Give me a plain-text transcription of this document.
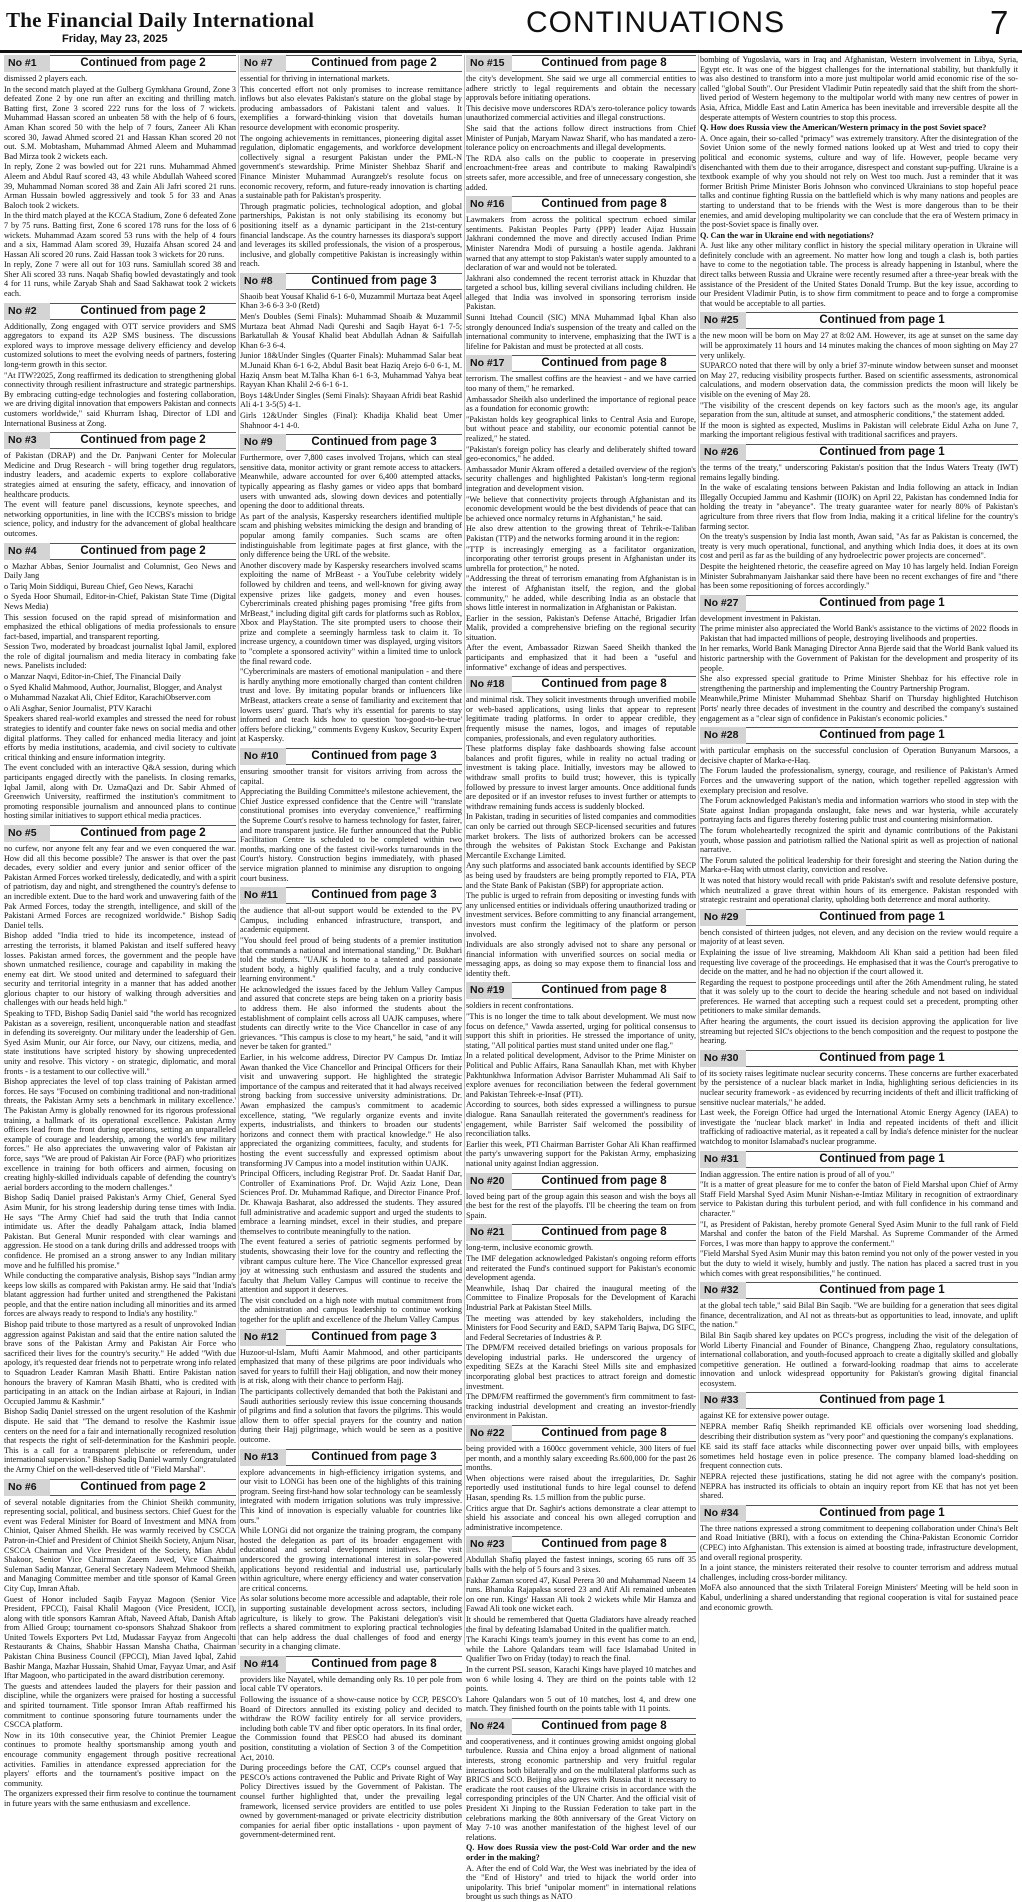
The Financial Daily International
Friday, May 23, 2025	CONTINUATIONS	7
No #1	Continued from page 2

dismissed 2 players each.

In the second match played at the Gulberg Gymkhana Ground, Zone 3 defeated Zone 2 by one run after an exciting and thrilling match. Batting first, Zone 3 scored 222 runs for the loss of 7 wickets. Muhammad Hassan scored an unbeaten 58 with the help of 6 fours, Aman Khan scored 50 with the help of 7 fours, Zaneer Ali Khan scored 30, Jawad Ahmed scored 21 and Hassan Khan scored 20 not out. S.M. Mobtasham, Muhammad Ahmed Aleem and Muhammad Bad Mirza took 2 wickets each.

In reply, Zone 2 was bowled out for 221 runs. Muhammad Ahmed Aleem and Abdul Rauf scored 43, 43 while Abdullah Waheed scored 39, Muhammad Noman scored 38 and Zain Ali Jafri scored 21 runs. Arman Hussain bowled aggressively and took 5 for 33 and Anas Baloch took 2 wickets.

In the third match played at the KCCA Stadium, Zone 6 defeated Zone 7 by 75 runs. Batting first, Zone 6 scored 178 runs for the loss of 6 wickets. Muhammad Azam scored 53 runs with the help of 4 fours and a six, Hammad Alam scored 39, Huzaifa Ahsan scored 24 and Hassan Ali scored 20 runs. Zaid Hassan took 3 wickets for 20 runs.

In reply, Zone 7 were all out for 103 runs. Samiullah scored 38 and Sher Ali scored 33 runs. Naqab Shafiq bowled devastatingly and took 4 for 11 runs, while Zaryab Shah and Saad Sakhawat took 2 wickets each.

No #2	Continued from page 2

Additionally, Zong engaged with OTT service providers and SMS aggregators to expand its A2P SMS business. The discussions explored ways to improve message delivery efficiency and develop customized solutions to meet the evolving needs of partners, fostering long-term growth in this sector.

"At ITW?2025, Zong reaffirmed its dedication to strengthening global connectivity through resilient infrastructure and strategic partnerships. By embracing cutting-edge technologies and fostering collaboration, we are driving digital innovation that empowers Pakistan and connects customers worldwide," said Khurram Ishaq, Director of LDI and International Business at Zong.

No #3	Continued from page 2

of Pakistan (DRAP) and the Dr. Panjwani Center for Molecular Medicine and Drug Research - will bring together drug regulators, industry leaders, and academic experts to explore collaborative strategies aimed at ensuring the safety, efficacy, and innovation of healthcare products.

The event will feature panel discussions, keynote speeches, and networking opportunities, in line with the ICCBS's mission to bridge science, policy, and industry for the advancement of global healthcare outcomes.

No #4	Continued from page 2

o Mazhar Abbas, Senior Journalist and Columnist, Geo News and Daily Jang

o Tariq Moin Siddiqui, Bureau Chief, Geo News, Karachi

o Syeda Hoor Shumail, Editor-in-Chief, Pakistan State Time (Digital News Media)

This session focused on the rapid spread of misinformation and emphasized the ethical obligations of media professionals to ensure fact-based, impartial, and transparent reporting.

Session Two, moderated by broadcast journalist Iqbal Jamil, explored the role of digital journalism and media literacy in combating fake news. Panelists included:

o Manzar Naqvi, Editor-in-Chief, The Financial Daily

o Syed Khalid Mahmood, Author, Journalist, Blogger, and Analyst

o Muhammad Nazakat Ali, Chief Editor, KarachiObserver.com

o Ali Asghar, Senior Journalist, PTV Karachi

Speakers shared real-world examples and stressed the need for robust strategies to identify and counter fake news on social media and other digital platforms. They called for enhanced media literacy and joint efforts by media institutions, academia, and civil society to cultivate critical thinking and ensure information integrity.

The event concluded with an interactive Q&A session, during which participants engaged directly with the panelists. In closing remarks, Iqbal Jamil, along with Dr. UzmaQazi and Dr. Sabir Ahmed of Greenwich University, reaffirmed the institution's commitment to promoting responsible journalism and announced plans to continue hosting similar initiatives to support ethical media practices.

No #5	Continued from page 2

no curfew, nor anyone felt any fear and we even conquered the war. How did all this become possible? The answer is that over the past decades, every soldier and every junior and senior officer of the Pakistan Armed Forces worked tirelessly, dedicatedly, and with a spirit of patriotism, day and night, and strengthened the country's defense to an incredible extent. Due to the hard work and unwavering faith of the Pak Armed Forces, today the strength, intelligence, and skill of the Pakistani Armed Forces are recognized worldwide." Bishop Sadiq Daniel tells.

Bishop added "India tried to hide its incompetence, instead of arresting the terrorists, it blamed Pakistan and itself suffered heavy losses. Pakistan armed forces, the government and the people have shown unmatched resilience, courage and capability in making the enemy eat dirt. We stood united and determined to safeguard their security and territorial integrity in a manner that has added another glorious chapter to our history of walking through adversities and challenges with our heads held high."

Speaking to TFD, Bishop Sadiq Daniel said "the world has recognized Pakistan as a sovereign, resilient, unconquerable nation and steadfast in defending its sovereignty. Our military under the leadership of Gen. Syed Asim Munir, our Air force, our Navy, our citizens, media, and state institutions have scripted history by showing unprecedented unity and resolve. This victory - on strategic, diplomatic, and moral fronts - is a testament to our collective will."

Bishop appreciates the level of top class training of Pakistan armed forces. He says "Focused on combining traditional and non-traditional threats, the Pakistan Army sets a benchmark in military excellence.' The Pakistan Army is globally renowned for its rigorous professional training, a hallmark of its operational excellence. Pakistan Army officers lead from the front during operations, setting an unparalleled example of courage and leadership, among the world's few military forces." He also appreciates the unwavering valor of Pakistan air force, says "We are proud of Pakistan Air Force (PAF) who prioritizes excellence in training for both officers and airmen, focusing on creating highly-skilled individuals capable of defending the country's aerial borders according to the modern challenges."

Bishop Sadiq Daniel praised Pakistan's Army Chief, General Syed Asim Munir, for his strong leadership during tense times with India. He says "The Army Chief had said the truth that India cannot intimidate us. After the deadly Pahalgam attack, India blamed Pakistan. But General Munir responded with clear warnings and aggression. He stood on a tank during drills and addressed troops with confidence. He promised an a strong answer to any Indian military move and he fulfilled his promise."

While conducting the comparative analysis, Bishop says "Indian army keeps low skills as compared with Pakistan army. He said that 'India's blatant aggression had further united and strengthened the Pakistani people, and that the entire nation including all minorities and its armed forces are always ready to respond to India's any hostility."

Bishop paid tribute to those martyred as a result of unprovoked Indian aggression against Pakistan and said that the entire nation saluted the brave sons of the Pakistan Army and Pakistan Air Force who sacrificed their lives for the country's security." He added "With due apology, it's requested dear friends not to perpetrate wrong info related to Squadron Leader Kamran Masih Bhatti. Entire Pakistan nation honours the bravery of Kamran Masih Bhatti, who is credited with participating in an attack on the Indian airbase at Rajouri, in Indian Occupied Jammu & Kashmir."

Bishop Sadiq Daniel stressed on the urgent resolution of the Kashmir dispute. He said that "The demand to resolve the Kashmir issue centers on the need for a fair and internationally recognized resolution that respects the right of self-determination for the Kashmiri people. This is a call for a transparent plebiscite or referendum, under international supervision." Bishop Sadiq Daniel warmly Congratulated the Army Chief on the well-deserved title of "Field Marshal".

No #6	Continued from page 2

of several notable dignitaries from the Chiniot Sheikh community, representing social, political, and business sectors. Chief Guest for the event was Federal Minister for Board of Investment and MNA from Chiniot, Qaiser Ahmed Sheikh. He was warmly received by CSCCA Patron-in-Chief and President of Chiniot Sheikh Society, Anjum Nisar, CSCCA Chairman and Vice President of the Society, Mian Abdul Shakoor, Senior Vice Chairman Zaeem Javed, Vice Chairman Suleman Sadiq Manzar, General Secretary Nadeem Mehmood Sheikh, and Managing Committee member and title sponsor of Kamal Green City Cup, Imran Aftab.

Guest of Honor included Saqib Fayyaz Magoon (Senior Vice President, FPCCI), Faisal Khalil Magoon (Vice President, ICCI), along with title sponsors Kamran Aftab, Naveed Aftab, Danish Aftab from Allied Group; tournament co-sponsors Shahzad Shakoor from United Towels Exporters Pvt Ltd, Mudassar Fayyaz from Angecolti Restaurants & Chains, Shabbir Hassan Mansha Chatha, Chairman Pakistan China Business Council (FPCCI), Mian Javed Iqbal, Zahid Bashir Manga, Mazhar Hussain, Shahid Umar, Fayyaz Umar, and Asif Iftar Magoon, who participated in the award distribution ceremony.

The guests and attendees lauded the players for their passion and discipline, while the organizers were praised for hosting a successful and spirited tournament. Title sponsor Imran Aftab reaffirmed his commitment to continue sponsoring future tournaments under the CSCCA platform.

Now in its 10th consecutive year, the Chiniot Premier League continues to promote healthy sportsmanship among youth and encourage community engagement through positive recreational activities. Families in attendance expressed appreciation for the players' efforts and the tournament's positive impact on the community.

The organizers expressed their firm resolve to continue the tournament in future years with the same enthusiasm and excellence.

No #7	Continued from page 2

essential for thriving in international markets.

This concerted effort not only promises to increase remittance inflows but also elevates Pakistan's stature on the global stage by producing ambassadors of Pakistani talent and values. It exemplifies a forward-thinking vision that dovetails human resource development with economic prosperity.

The ongoing achievements in remittances, pioneering digital asset regulation, diplomatic engagements, and workforce development collectively signal a resurgent Pakistan under the PML-N government's stewardship. Prime Minister Shehbaz Sharif and Finance Minister Muhammad Aurangzeb's resolute focus on economic recovery, reform, and future-ready innovation is charting a sustainable path for Pakistan's prosperity.

Through pragmatic policies, technological adoption, and global partnerships, Pakistan is not only stabilising its economy but positioning itself as a dynamic participant in the 21st-century financial landscape. As the country harnesses its diaspora's support and leverages its skilled professionals, the vision of a prosperous, inclusive, and globally competitive Pakistan is increasingly within reach.

No #8	Continued from page 3

Shaoib beat Yousaf Khalid 6-1 6-0, Muzammil Murtaza beat Aqeel Khan 3-6 6-3 3-0 (Retd)

Men's Doubles (Semi Finals): Muhammad Shoaib & Muzammil Murtaza beat Ahmad Nadi Qureshi and Saqib Hayat 6-1 7-5; Barkatullah & Yousaf Khalid beat Abdullah Adnan & Saifullah Khan 6-3 6-4.

Junior 18&Under Singles (Quarter Finals): Muhammad Salar beat M.Junaid Khan 6-1 6-2, Abdul Basit beat Haziq Arejo 6-0 6-1, M. Haziq Ansm beat M.Talha Khan 6-1 6-3, Muhammad Yahya beat Rayyan Khan Khalil 2-6 6-1 6-1.

Boys 14&Under Singles (Semi Finals): Shayaan Afridi beat Rashid Ali 4-1 3-5(5) 4-1.

Girls 12&Under Singles (Final): Khadija Khalid beat Umer Shahnoor 4-1 4-0.

No #9	Continued from page 3

Furthermore, over 7,800 cases involved Trojans, which can steal sensitive data, monitor activity or grant remote access to attackers. Meanwhile, adware accounted for over 6,400 attempted attacks, typically appearing as flashy games or video apps that bombard users with unwanted ads, slowing down devices and potentially opening the door to additional threats.

As part of the analysis, Kaspersky researchers identified multiple scam and phishing websites mimicking the design and branding of popular among family companies. Such scams are often indistinguishable from legitimate pages at first glance, with the only difference being the URL of the website.

Another discovery made by Kaspersky researchers involved scams exploiting the name of MrBeast - a YouTube celebrity widely followed by children and teens, and well-known for giving away expensive prizes like gadgets, money and even houses. Cybercriminals created phishing pages promising "free gifts from MrBeast," including digital gift cards for platforms such as Roblox, Xbox and PlayStation. The site prompted users to choose their prize and complete a seemingly harmless task to claim it. To increase urgency, a countdown timer was displayed, urging visitors to "complete a sponsored activity" within a limited time to unlock the final reward code.

"Cybercriminals are masters of emotional manipulation - and there is hardly anything more emotionally charged than content children trust and love. By imitating popular brands or influencers like MrBeast, attackers create a sense of familiarity and excitement that lowers users' guard. That's why it's essential for parents to stay informed and teach kids how to question 'too-good-to-be-true' offers before clicking," comments Evgeny Kuskov, Security Expert at Kaspersky.

No #10	Continued from page 3

ensuring smoother transit for visitors arriving from across the capital.

Appreciating the Building Committee's milestone achievement, the Chief Justice expressed confidence that the Centre will "translate constitutional promises into everyday convenience," reaffirming the Supreme Court's resolve to harness technology for faster, fairer, and more transparent justice. He further announced that the Public Facilitation Centre is scheduled to be completed within two months, marking one of the fastest civil-works turnarounds in the Court's history. Construction begins immediately, with phased service migration planned to minimise any disruption to ongoing court business.

No #11	Continued from page 3

the audience that all-out support would be extended to the PV Campus, including enhanced infrastructure, transport, and academic equipment.

"You should feel proud of being students of a premier institution that commands a national and international standing," Dr. Bukhari told the students. "UAJK is home to a talented and passionate student body, a highly qualified faculty, and a truly conducive learning environment."

He acknowledged the issues faced by the Jehlum Valley Campus and assured that concrete steps are being taken on a priority basis to address them. He also informed the students about the establishment of complaint cells across all UAJK campuses, where students can directly write to the Vice Chancellor in case of any grievances. "This campus is close to my heart," he said, "and it will never be taken for granted."

Earlier, in his welcome address, Director PV Campus Dr. Imtiaz Awan thanked the Vice Chancellor and Principal Officers for their visit and unwavering support. He highlighted the strategic importance of the campus and reiterated that it had always received strong backing from successive university administrations. Dr. Awan emphasized the campus's commitment to academic excellence, stating, "We regularly organize events and invite experts, industrialists, and thinkers to broaden our students' horizons and connect them with practical knowledge." He also appreciated the organizing committees, faculty, and students for hosting the event successfully and expressed optimism about transforming JV Campus into a model institution within UAJK.

Principal Officers, including Registrar Prof. Dr. Saadat Hanif Dar, Controller of Examinations Prof. Dr. Wajid Aziz Lone, Dean Sciences Prof. Dr. Muhammad Rafique, and Director Finance Prof. Dr. Khawaja Basharat, also addressed the students. They assured full administrative and academic support and urged the students to embrace a learning mindset, excel in their studies, and prepare themselves to contribute meaningfully to the nation.

The event featured a series of patriotic segments performed by students, showcasing their love for the country and reflecting the vibrant campus culture here. The Vice Chancellor expressed great joy at witnessing such enthusiasm and assured the students and faculty that Jhelum Valley Campus will continue to receive the attention and support it deserves.

The visit concluded on a high note with mutual commitment from the administration and campus leadership to continue working together for the uplift and excellence of the Jhelum Valley Campus

No #12	Continued from page 3

Huzoor-ul-Islam, Mufti Aamir Mahmood, and other participants emphasized that many of these pilgrims are poor individuals who saved for years to fulfill their Hajj obligation, and now their money is at risk, along with their chance to perform Hajj.

The participants collectively demanded that both the Pakistani and Saudi authorities seriously review this issue concerning thousands of pilgrims and find a solution that favors the pilgrims. This would allow them to offer special prayers for the country and nation during their Hajj pilgrimage, which would be seen as a positive outcome.

No #13	Continued from page 3

explore advancements in high-efficiency irrigation systems, and our visit to LONGi has been one of the highlights of this training program. Seeing first-hand how solar technology can be seamlessly integrated with modern irrigation solutions was truly impressive. This kind of innovation is especially valuable for countries like ours."

While LONGi did not organize the training program, the company hosted the delegation as part of its broader engagement with educational and sectoral development initiatives. The visit underscored the growing international interest in solar-powered applications beyond residential and industrial use, particularly within agriculture, where energy efficiency and water conservation are critical concerns.

As solar solutions become more accessible and adaptable, their role in supporting sustainable development across sectors, including agriculture, is likely to grow. The Pakistani delegation's visit reflects a shared commitment to exploring practical technologies that can help address the dual challenges of food and energy security in a changing climate.

No #14	Continued from page 8

providers like Nayatel, while demanding only Rs. 10 per pole from local cable TV operators.

Following the issuance of a show-cause notice by CCP, PESCO's Board of Directors annulled its existing policy and decided to withdraw the ROW facility entirely for all service providers, including both cable TV and fiber optic operators. In its final order, the Commission found that PESCO had abused its dominant position, constituting a violation of Section 3 of the Competition Act, 2010.

During proceedings before the CAT, CCP's counsel argued that PESCO's actions contravened the Public and Private Right of Way Policy Directives issued by the Government of Pakistan. The counsel further highlighted that, under the prevailing legal framework, licensed service providers are entitled to use poles owned by government-managed or private electricity distribution companies for aerial fiber optic installations - upon payment of government-determined rent.

No #15	Continued from page 8

the city's development. She said we urge all commercial entities to adhere strictly to legal requirements and obtain the necessary approvals before initiating operations.

This decisive move underscores RDA's zero-tolerance policy towards unauthorized commercial activities and illegal constructions.

She said that the actions follow direct instructions from Chief Minister of Punjab, Maryam Nawaz Sharif, who has mandated a zero-tolerance policy on encroachments and illegal developments.

The RDA also calls on the public to cooperate in preserving encroachment-free areas and contribute to making Rawalpindi's streets safer, more accessible, and free of unnecessary congestion, she added.

No #16	Continued from page 8

Lawmakers from across the political spectrum echoed similar sentiments. Pakistan Peoples Party (PPP) leader Aijaz Hussain Jakhrani condemned the move and directly accused Indian Prime Minister Narendra Modi of pursuing a hostile agenda. Jakhrani warned that any attempt to stop Pakistan's water supply amounted to a declaration of war and would not be tolerated.

Jakhrani also condemned the recent terrorist attack in Khuzdar that targeted a school bus, killing several civilians including children. He alleged that India was involved in sponsoring terrorism inside Pakistan.

Sunni Ittehad Council (SIC) MNA Muhammad Iqbal Khan also strongly denounced India's suspension of the treaty and called on the international community to intervene, emphasizing that the IWT is a lifeline for Pakistan and must be protected at all costs.

No #17	Continued from page 8

terrorism. The smallest coffins are the heaviest - and we have carried too many of them," he remarked.

Ambassador Sheikh also underlined the importance of regional peace as a foundation for economic growth:

"Pakistan holds key geographical links to Central Asia and Europe, but without peace and stability, our economic potential cannot be realized," he stated.

"Pakistan's foreign policy has clearly and deliberately shifted toward geo-economics," he added.

Ambassador Munir Akram offered a detailed overview of the region's security challenges and highlighted Pakistan's long-term regional integration and development vision.

"We believe that connectivity projects through Afghanistan and its economic development would be the best dividends of peace that can be achieved once normalcy returns in Afghanistan," he said.

He also drew attention to the growing threat of Tehrik-e-Taliban Pakistan (TTP) and the networks forming around it in the region:

"TTP is increasingly emerging as a facilitator organization, incorporating other terrorist groups present in Afghanistan under its umbrella for protection," he noted.

"Addressing the threat of terrorism emanating from Afghanistan is in the interest of Afghanistan itself, the region, and the global community," he added, while describing India as an obstacle that shows little interest in normalization in Afghanistan or Pakistan.

Earlier in the session, Pakistan's Defense Attaché, Brigadier Irfan Malik, provided a comprehensive briefing on the regional security situation.

After the event, Ambassador Rizwan Saeed Sheikh thanked the participants and emphasized that it had been a "useful and informative" exchange of ideas and perspectives.

No #18	Continued from page 8

and minimal risk. They solicit investments through unverified mobile or web-based applications, using links that appear to represent legitimate trading platforms. In order to appear credible, they frequently misuse the names, logos, and images of reputable companies, professionals, and even regulatory authorities.

These platforms display fake dashboards showing false account balances and profit figures, while in reality no actual trading or investment is taking place. Initially, investors may be allowed to withdraw small profits to build trust; however, this is typically followed by pressure to invest larger amounts. Once additional funds are deposited or if an investor refuses to invest further or attempts to withdraw remaining funds access is suddenly blocked.

In Pakistan, trading in securities of listed companies and commodities can only be carried out through SECP-licensed securities and futures market brokers. The lists of authorized brokers can be accessed through the websites of Pakistan Stock Exchange and Pakistan Mercantile Exchange Limited.

Any such platforms and associated bank accounts identified by SECP as being used by fraudsters are being promptly reported to FIA, PTA and the State Bank of Pakistan (SBP) for appropriate action.

The public is urged to refrain from depositing or investing funds with any unlicensed entities or individuals offering unauthorized trading or investment services. Before committing to any financial arrangement, investors must confirm the legitimacy of the platform or person involved.

Individuals are also strongly advised not to share any personal or financial information with unverified sources on social media or messaging apps, as doing so may expose them to financial loss and identity theft.

No #19	Continued from page 8

soldiers in recent confrontations.

"This is no longer the time to talk about development. We must now focus on defence," Vawda asserted, urging for political consensus to support this shift in priorities. He stressed the importance of unity, stating, "All political parties must stand united under one flag."

In a related political development, Advisor to the Prime Minister on Political and Public Affairs, Rana Sanaullah Khan, met with Khyber Pakhtunkhwa Information Advisor Barrister Muhammad Ali Saif to explore avenues for reconciliation between the federal government and Pakistan Tehreek-e-Insaf (PTI).

According to sources, both sides expressed a willingness to pursue dialogue. Rana Sanaullah reiterated the government's readiness for engagement, while Barrister Saif welcomed the possibility of reconciliation talks.

Earlier this week, PTI Chairman Barrister Gohar Ali Khan reaffirmed the party's unwavering support for the Pakistan Army, emphasizing national unity against Indian aggression.

No #20	Continued from page 8

loved being part of the group again this season and wish the boys all the best for the rest of the playoffs. I'll be cheering the team on from Spain.

No #21	Continued from page 8

long-term, inclusive economic growth.

The IMF delegation acknowledged Pakistan's ongoing reform efforts and reiterated the Fund's continued support for Pakistan's economic development agenda.

Meanwhile, Ishaq Dar chaired the inaugural meeting of the Committee to Finalize Proposals for the Development of Karachi Industrial Park at Pakistan Steel Mills.

The meeting was attended by key stakeholders, including the Ministers for Food Security and E&D, SAPM Tariq Bajwa, DG SIFC, and Federal Secretaries of Industries & P.

The DPM/FM received detailed briefings on various proposals for developing industrial parks. He underscored the urgency of expediting SEZs at the Karachi Steel Mills site and emphasized incorporating global best practices to attract foreign and domestic investment.

The DPM/FM reaffirmed the government's firm commitment to fast-tracking industrial development and creating an investor-friendly environment in Pakistan.

No #22	Continued from page 8

being provided with a 1600cc government vehicle, 300 liters of fuel per month, and a monthly salary exceeding Rs.600,000 for the past 26 months.

When objections were raised about the irregularities, Dr. Saghir reportedly used institutional funds to hire legal counsel to defend Hasan, spending Rs. 1.5 million from the public purse.

Critics argue that Dr. Saghir's actions demonstrate a clear attempt to shield his associate and conceal his own alleged corruption and administrative incompetence.

No #23	Continued from page 8

Abdullah Shafiq played the fastest innings, scoring 65 runs off 35 balls with the help of 5 fours and 3 sixes.

Fakhar Zaman scored 47, Kusal Perera 30 and Muhammad Naeem 14 runs. Bhanuka Rajapaksa scored 23 and Atif Ali remained unbeaten on one run. Kings' Hassan Ali took 2 wickets while Mir Hamza and Fawad Ali took one wicket each.

It should be remembered that Quetta Gladiators have already reached the final by defeating Islamabad United in the qualifier match.

The Karachi Kings team's journey in this event has come to an end, while the Lahore Qalandars team will face Islamabad United in Qualifier Two on Friday (today) to reach the final.

In the current PSL season, Karachi Kings have played 10 matches and won 6 while losing 4. They are third on the points table with 12 points.

Lahore Qalandars won 5 out of 10 matches, lost 4, and drew one match. They finished fourth on the points table with 11 points.

No #24	Continued from page 8

and cooperativeness, and it continues growing amidst ongoing global turbulence. Russia and China enjoy a broad alignment of national interests, strong economic partnership and very fruitful regular interactions both bilaterally and on the multilateral platforms such as BRICS and SCO. Beijing also agrees with Russia that it necessary to eradicate the root causes of the Ukraine crisis in accordance with the corresponding principles of the UN Charter. And the official visit of President Xi Jinping to the Russian Federation to take part in the celebrations marking the 80th anniversary of the Great Victory on May 7-10 was another manifestation of the highest level of our relations.

Q. How does Russia view the post-Cold War order and the new order in the making?

A. After the end of Cold War, the West was inebriated by the idea of the "End of History" and tried to hijack the world order into unipolarity. This brief "unipolar moment" in international relations brought us such things as NATO

bombing of Yugoslavia, wars in Iraq and Afghanistan, Western involvement in Libya, Syria, Egypt etc. It was one of the biggest challenges for the international stability, but thankfully it was also destined to transform into a more just multipolar world amid economic rise of the so-called "global South". Our President Vladimir Putin repeatedly said that the shift from the short-lived period of Western hegemony to the multipolar world with many new centres of power in Asia, Africa, Middle East and Latin America has been inevitable and irreversible despite all the desperate attempts of Western countries to stop this process.

Q. How does Russia view the American/Western primacy in the post Soviet space?

A. Once again, their so-called "primacy" was extremely transitory. After the disintegration of the Soviet Union some of the newly formed nations looked up at West and tried to copy their political and economic systems, culture and way of life. However, people became very disenchanted with them due to their arrogance, disrespect and constant sup-puffing. Ukraine is a textbook example of why you should not rely on West too much. Just a reminder that it was former British Prime Minister Boris Johnson who convinced Ukrainians to stop hopeful peace talks and continue fighting Russia on the battlefield which is why many nations and peoples are starting to understand that to be friends with the West is more dangerous than to be their enemies, and amid developing multipolarity we can conclude that the era of Western primacy in the post-Soviet space is finally over.

Q. Can the war in Ukraine end with negotiations?

A. Just like any other military conflict in history the special military operation in Ukraine will definitely conclude with an agreement. No matter how long and tough a clash is, both parties have to come to the negotiation table. The process is already happening in Istanbul, where the direct talks between Russia and Ukraine were recently resumed after a three-year break with the assistance of the President of the United States Donald Trump. But the key issue, according to our President Vladimir Putin, is to show firm commitment to peace and to forge a compromise that would be acceptable to all parties.

No #25	Continued from page 1

the new moon will be born on May 27 at 8:02 AM. However, its age at sunset on the same day will be approximately 11 hours and 14 minutes making the chances of moon sighting on May 27 very unlikely.

SUPARCO noted that there will by only a brief 37-minute window between sunset and moonset on May 27, reducing visibility prospects further. Based on scientific assessments, astronomical calculations, and modern observation data, the commission predicts the moon will likely be visible on the evening of May 28.

"The visibility of the crescent depends on key factors such as the moon's age, its angular separation from the sun, altitude at sunset, and atmospheric conditions," the statement added.

If the moon is sighted as expected, Muslims in Pakistan will celebrate Eidul Azha on June 7, marking the important religious festival with traditional sacrifices and prayers.

No #26	Continued from page 1

the terms of the treaty," underscoring Pakistan's position that the Indus Waters Treaty (IWT) remains legally binding.

In the wake of escalating tensions between Pakistan and India following an attack in Indian Illegally Occupied Jammu and Kashmir (IIOJK) on April 22, Pakistan has condemned India for holding the treaty in "abeyance". The treaty guarantee water for nearly 80% of Pakistan's agriculture from three rivers that flow from India, making it a critical lifeline for the country's farming sector.

On the treaty's suspension by India last month, Awan said, "As far as Pakistan is concerned, the treaty is very much operational, functional, and anything which India does, it does at its own cost and peril as far as the building of any hydroelectric power projects are concerned".

Despite the heightened rhetoric, the ceasefire agreed on May 10 has largely held. Indian Foreign Minister Subrahmanyam Jaishankar said there have been no recent exchanges of fire and "there has been some repositioning of forces accordingly."

No #27	Continued from page 1

development investment in Pakistan.

The prime minister also appreciated the World Bank's assistance to the victims of 2022 floods in Pakistan that had impacted millions of people, destroying livelihoods and properties.

In her remarks, World Bank Managing Director Anna Bjerde said that the World Bank valued its historic partnership with the Government of Pakistan for the development and prosperity of its people.

She also expressed special gratitude to Prime Minister Shehbaz for his effective role in strengthening the partnership and implementing the Country Partnership Program.

Meanwhile,Prime Minister Muhammad Shehbaz Sharif on Thursday highlighted Hutchison Ports' nearly three decades of investment in the country and described the company's sustained engagement as a "clear sign of confidence in Pakistan's economic policies."

No #28	Continued from page 1

with particular emphasis on the successful conclusion of Operation Bunyanum Marsoos, a decisive chapter of Marka-e-Haq.

The Forum lauded the professionalism, synergy, courage, and resilience of Pakistan's Armed Forces and the unwavering support of the nation, which together repelled aggression with exemplary precision and resolve.

The Forum acknowledged Pakistan's media and information warriors who stood in step with the State against Indian propaganda onslaught, fake news and war hysteria, while accurately portraying facts and figures thereby fostering public trust and countering misinformation.

The forum wholeheartedly recognized the spirit and dynamic contributions of the Pakistani youth, whose passion and patriotism rallied the National spirit as well as projection of national narrative.

The Forum saluted the political leadership for their foresight and steering the Nation during the Marka-e-Haq with utmost clarity, conviction and resolve.

It was noted that history would recall with pride Pakistan's swift and resolute defensive posture, which neutralized a grave threat within hours of its emergence. Pakistan responded with strategic restraint and operational clarity, upholding both deterrence and moral authority.

No #29	Continued from page 1

bench consisted of thirteen judges, not eleven, and any decision on the review would require a majority of at least seven.

Explaining the issue of live streaming, Makhdoom Ali Khan said a petition had been filed requesting live coverage of the proceedings. He emphasised that it was the Court's prerogative to decide on the matter, and he had no objection if the court allowed it.

Regarding the request to postpone proceedings until after the 26th Amendment ruling, he stated that it was solely up to the court to decide the hearing schedule and not based on individual preferences. He warned that accepting such a request could set a precedent, prompting other petitioners to make similar demands.

After hearing the arguments, the court issued its decision approving the application for live streaming but rejected SIC's objections to the bench composition and the request to postpone the hearing.

No #30	Continued from page 1

of its society raises legitimate nuclear security concerns. These concerns are further exacerbated by the persistence of a nuclear black market in India, highlighting serious deficiencies in its nuclear security framework - as evidenced by recurring incidents of theft and illicit trafficking of sensitive nuclear materials," he added.

Last week, the Foreign Office had urged the International Atomic Energy Agency (IAEA) to investigate the 'nuclear black market' in India and repeated incidents of theft and illicit trafficking of radioactive material, as it repeated a call by India's defence minister for the nuclear watchdog to monitor Islamabad's nuclear programme.

No #31	Continued from page 1

Indian aggression. The entire nation is proud of all of you."

"It is a matter of great pleasure for me to confer the baton of Field Marshal upon Chief of Army Staff Field Marshal Syed Asim Munir Nishan-e-Imtiaz Military in recognition of extraordinary service to Pakistan during this turbulent period, and with full confidence in his command and character."

"I, as President of Pakistan, hereby promote General Syed Asim Munir to the full rank of Field Marshal and confer the baton of the Field Marshal. As Supreme Commander of the Armed Forces, I was more than happy to approve the conferment."

"Field Marshal Syed Asim Munir may this baton remind you not only of the power vested in you but the duty to wield it wisely, humbly and justly. The nation has placed a sacred trust in you which comes with great responsibilities," he continued.

No #32	Continued from page 1

at the global tech table," said Bilal Bin Saqib. "We are building for a generation that sees digital finance, decentralization, and AI not as threats-but as opportunities to lead, innovate, and uplift the nation."

Bilal Bin Saqib shared key updates on PCC's progress, including the visit of the delegation of World Liberty Financial and Founder of Binance, Changpeng Zhao, regulatory consultations, international collaboration, and youth-focused approach to create a digitally skilled and globally competitive generation. He outlined a forward-looking roadmap that aims to accelerate innovation and unlock widespread opportunity for Pakistan's growing digital financial ecosystem.

No #33	Continued from page 1

against KE for extensive power outage.

NEPRA member Rafiq Sheikh reprimanded KE officials over worsening load shedding, describing their distribution system as "very poor" and questioning the company's explanations.

KE said its staff face attacks while disconnecting power over unpaid bills, with employees sometimes held hostage even in police presence. The company blamed load-shedding on frequent connection cuts.

NEPRA rejected these justifications, stating he did not agree with the company's position. NEPRA has instructed its officials to obtain an inquiry report from KE that has not yet been shared.

No #34	Continued from page 1

The three nations expressed a strong commitment to deepening collaboration under China's Belt and Road Initiative (BRI), with a focus on extending the China-Pakistan Economic Corridor (CPEC) into Afghanistan. This extension is aimed at boosting trade, infrastructure development, and overall regional prosperity.

In a joint stance, the ministers reiterated their resolve to counter terrorism and address mutual challenges, including cross-border militancy.

MoFA also announced that the sixth Trilateral Foreign Ministers' Meeting will be held soon in Kabul, underlining a shared understanding that regional cooperation is vital for sustained peace and economic growth.
